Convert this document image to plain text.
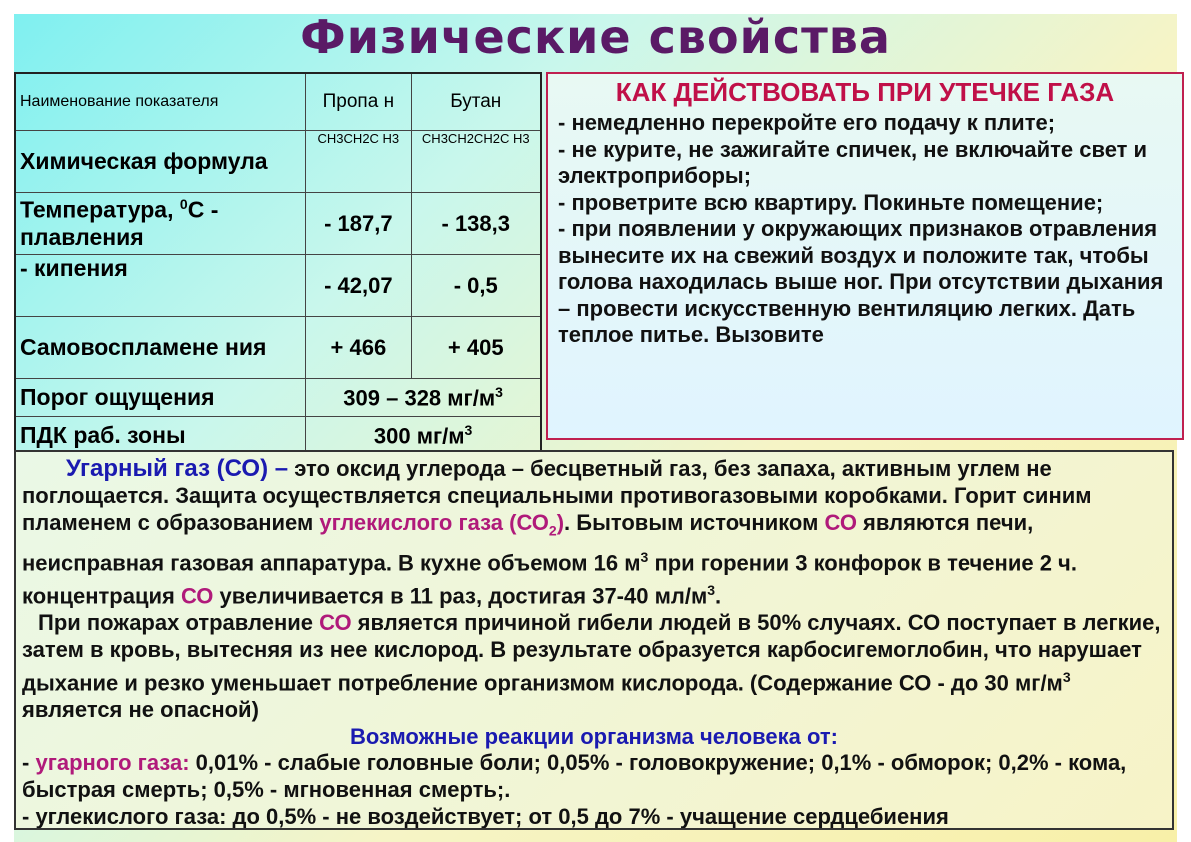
Физические свойства
Наименование показателя	Пропа н	Бутан
Химическая формула	CH3CH2C H3	CH3CH2CH2C H3
Температура, $^0$С - плавления	- 187,7	- 138,3
- кипения	- 42,07	- 0,5
Самовоспламене ния	+ 466	+ 405
Порог ощущения	309 – 328 $мг/м^3$
ПДК раб. зоны	300 $мг/м^3$
КАК ДЕЙСТВОВАТЬ ПРИ УТЕЧКЕ ГАЗА
- немедленно перекройте его подачу к плите;
- не курите, не зажигайте спичек, не включайте свет и электроприборы;
- проветрите всю квартиру. Покиньте помещение;
- при появлении у окружающих признаков отравления вынесите их на свежий воздух и положите так, чтобы голова находилась выше ног. При отсутствии дыхания – провести искусственную вентиляцию легких. Дать теплое питье. Вызовите

Угарный газ (СО) – это оксид углерода – бесцветный газ, без запаха, активным углем не поглощается. Защита осуществляется специальными противогазовыми коробками. Горит синим пламенем с образованием углекислого газа $(СО_2)$. Бытовым источником СО являются печи, неисправная газовая аппаратура. В кухне объемом 16 $м^3$ при горении 3 конфорок в течение 2 ч. концентрация СО увеличивается в 11 раз, достигая 37-40 $мл/м^3$.

При пожарах отравление СО является причиной гибели людей в 50% случаях. СО поступает в легкие, затем в кровь, вытесняя из нее кислород. В результате образуется карбосигемоглобин, что нарушает дыхание и резко уменьшает потребление организмом кислорода. (Содержание СО - до 30 $мг/м^3$ является не опасной)

Возможные реакции организма человека от:

- угарного газа: 0,01% - слабые головные боли; 0,05% - головокружение; 0,1% - обморок; 0,2% - кома, быстрая смерть; 0,5% - мгновенная смерть;.

- углекислого газа: до 0,5% - не воздействует; от 0,5 до 7% - учащение сердцебиения
